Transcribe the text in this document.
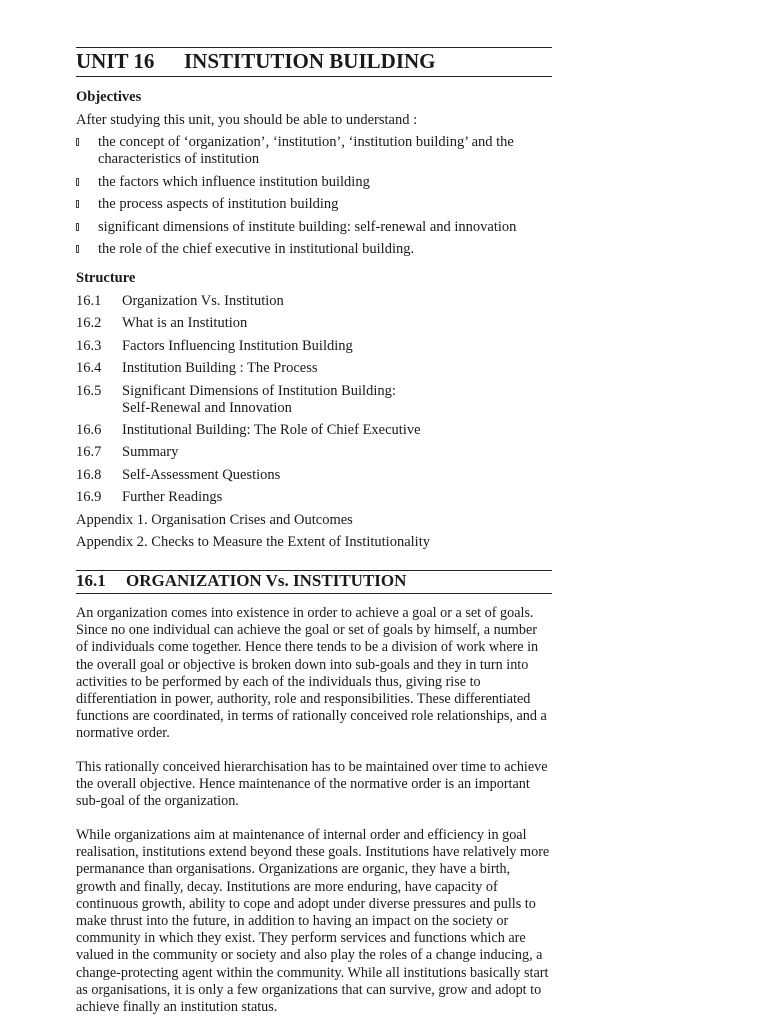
UNIT 16 INSTITUTION BUILDING
Objectives
After studying this unit, you should be able to understand :
the concept of ‘organization’, ‘institution’, ‘institution building’ and the characteristics of institution
the factors which influence institution building
the process aspects of institution building
significant dimensions of institute building: self-renewal and innovation
the role of the chief executive in institutional building.
Structure
16.1	Organization Vs. Institution
16.2	What is an Institution
16.3	Factors Influencing Institution Building
16.4	Institution Building : The Process
16.5	Significant Dimensions of Institution Building:
Self-Renewal and Innovation
16.6	Institutional Building: The Role of Chief Executive
16.7	Summary
16.8	Self-Assessment Questions
16.9	Further Readings
Appendix 1. Organisation Crises and Outcomes
Appendix 2. Checks to Measure the Extent of Institutionality
16.1 ORGANIZATION Vs. INSTITUTION

An organization comes into existence in order to achieve a goal or a set of goals. Since no one individual can achieve the goal or set of goals by himself, a number of individuals come together. Hence there tends to be a division of work where in the overall goal or objective is broken down into sub-goals and they in turn into activities to be performed by each of the individuals thus, giving rise to differentiation in power, authority, role and responsibilities. These differentiated functions are coordinated, in terms of rationally conceived role relationships, and a normative order.

This rationally conceived hierarchisation has to be maintained over time to achieve the overall objective. Hence maintenance of the normative order is an important sub-goal of the organization.

While organizations aim at maintenance of internal order and efficiency in goal realisation, institutions extend beyond these goals. Institutions have relatively more permanance than organisations. Organizations are organic, they have a birth, growth and finally, decay. Institutions are more enduring, have capacity of continuous growth, ability to cope and adopt under diverse pressures and pulls to make thrust into the future, in addition to having an impact on the society or community in which they exist. They perform services and functions which are valued in the community or society and also play the roles of a change inducing, a change-protecting agent within the community. While all institutions basically start as organisations, it is only a few organizations that can survive, grow and adopt to achieve finally an institution status.
